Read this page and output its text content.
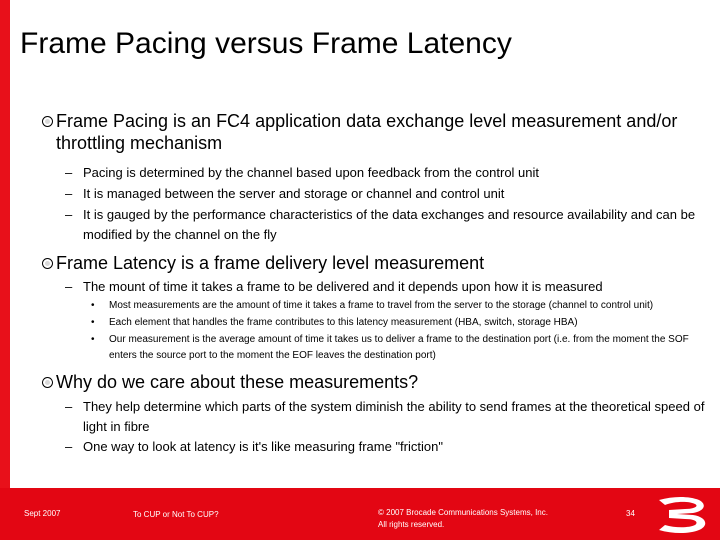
Frame Pacing versus Frame Latency
Frame Pacing is an FC4 application data exchange level measurement and/or throttling mechanism
– Pacing is determined by the channel based upon feedback from the control unit
– It is managed between the server and storage or channel and control unit
– It is gauged by the performance characteristics of the data exchanges and resource availability and can be modified by the channel on the fly
Frame Latency is a frame delivery level measurement
– The mount of time it takes a frame to be delivered and it depends upon how it is measured
• Most measurements are the amount of time it takes a frame to travel from the server to the storage (channel to control unit)
• Each element that handles the frame contributes to this latency measurement (HBA, switch, storage HBA)
• Our measurement is the average amount of time it takes us to deliver a frame to the destination port (i.e. from the moment the SOF enters the source port to the moment the EOF leaves the destination port)
Why do we care about these measurements?
– They help determine which parts of the system diminish the ability to send frames at the theoretical speed of light in fibre
– One way to look at latency is it's like measuring frame "friction"
Sept 2007	To CUP or Not To CUP?	© 2007 Brocade Communications Systems, Inc.
All rights reserved.
34
